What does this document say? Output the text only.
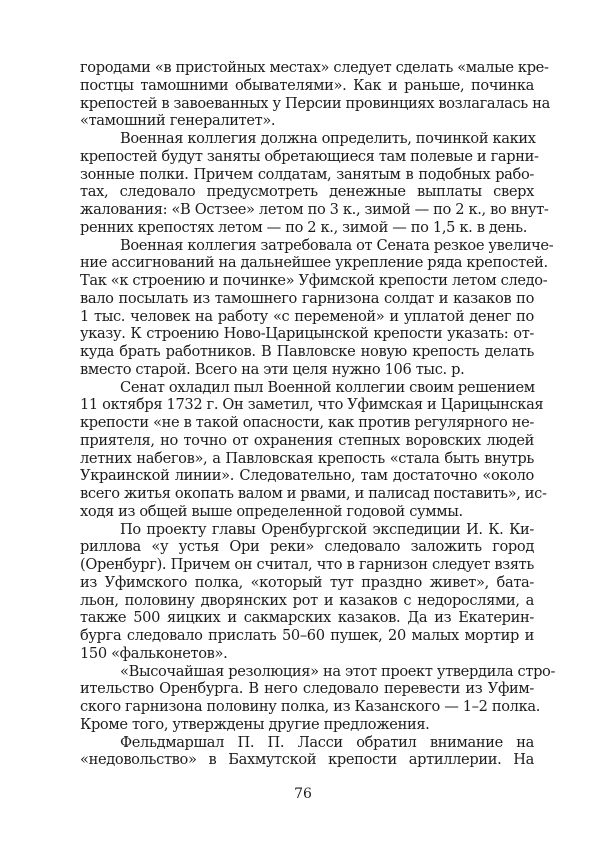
городами «в пристойных местах» следует сделать «малые кре-
постцы тамошними обывателями». Как и раньше, починка
крепостей в завоеванных у Персии провинциях возлагалась на
«тамошний генералитет».
Военная коллегия должна определить, починкой каких
крепостей будут заняты обретающиеся там полевые и гарни-
зонные полки. Причем солдатам, занятым в подобных рабо-
тах, следовало предусмотреть денежные выплаты сверх
жалования: «В Остзее» летом по 3 к., зимой — по 2 к., во внут-
ренних крепостях летом — по 2 к., зимой — по 1,5 к. в день.
Военная коллегия затребовала от Сената резкое увеличе-
ние ассигнований на дальнейшее укрепление ряда крепостей.
Так «к строению и починке» Уфимской крепости летом следо-
вало посылать из тамошнего гарнизона солдат и казаков по
1 тыс. человек на работу «с переменой» и уплатой денег по
указу. К строению Ново-Царицынской крепости указать: от-
куда брать работников. В Павловске новую крепость делать
вместо старой. Всего на эти целя нужно 106 тыс. р.
Сенат охладил пыл Военной коллегии своим решением
11 октября 1732 г. Он заметил, что Уфимская и Царицынская
крепости «не в такой опасности, как против регулярного не-
приятеля, но точно от охранения степных воровских людей
летних набегов», а Павловская крепость «стала быть внутрь
Украинской линии». Следовательно, там достаточно «около
всего житья окопать валом и рвами, и палисад поставить», ис-
ходя из общей выше определенной годовой суммы.
По проекту главы Оренбургской экспедиции И. К. Ки-
риллова «у устья Ори реки» следовало заложить город
(Оренбург). Причем он считал, что в гарнизон следует взять
из Уфимского полка, «который тут праздно живет», бата-
льон, половину дворянских рот и казаков с недорослями, а
также 500 яицких и сакмарских казаков. Да из Екатерин-
бурга следовало прислать 50–60 пушек, 20 малых мортир и
150 «фальконетов».
«Высочайшая резолюция» на этот проект утвердила стро-
ительство Оренбурга. В него следовало перевести из Уфим-
ского гарнизона половину полка, из Казанского — 1–2 полка.
Кроме того, утверждены другие предложения.
Фельдмаршал П. П. Ласси обратил внимание на
«недовольство» в Бахмутской крепости артиллерии. На
76
